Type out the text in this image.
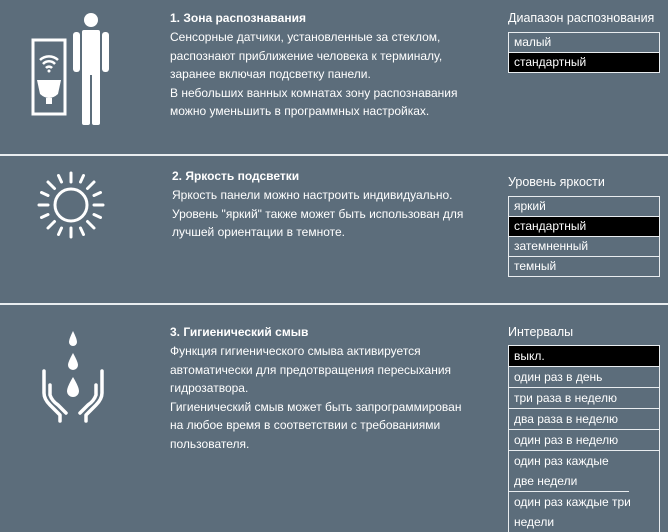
1. Зона распознавания
Сенсорные датчики, установленные за стеклом,
распознают приближение человека к терминалу,
заранее включая подсветку панели.
В небольших ванных комнатах зону распознавания
можно уменьшить в программных настройках.
Диапазон распознования
малый
стандартный
2. Яркость подсветки
Яркость панели можно настроить индивидуально.
Уровень "яркий" также может быть использован для
лучшей ориентации в темноте.
Уровень яркости
яркий
стандартный
затемненный
темный
3. Гигиенический смыв
Функция гигиенического смыва активируется
автоматически для предотвращения пересыхания
гидрозатвора.
Гигиенический смыв может быть запрограммирован
на любое время в соответствии с требованиями
пользователя.
Интервалы
выкл.
один раз в день
три раза в неделю
два раза в неделю
один раз в неделю
один раз каждые две недели
один раз каждые три недели
